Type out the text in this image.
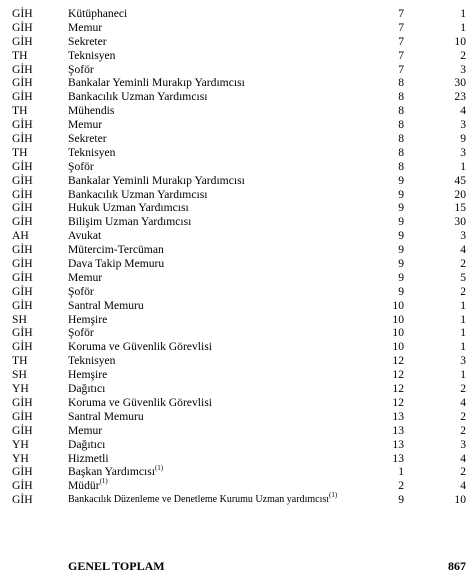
GİH	Kütüphaneci	7	1
GİH	Memur	7	1
GİH	Sekreter	7	10
TH	Teknisyen	7	2
GİH	Şoför	7	3
GİH	Bankalar Yeminli Murakıp Yardımcısı	8	30
GİH	Bankacılık Uzman Yardımcısı	8	23
TH	Mühendis	8	4
GİH	Memur	8	3
GİH	Sekreter	8	9
TH	Teknisyen	8	3
GİH	Şoför	8	1
GİH	Bankalar Yeminli Murakıp Yardımcısı	9	45
GİH	Bankacılık Uzman Yardımcısı	9	20
GİH	Hukuk Uzman Yardımcısı	9	15
GİH	Bilişim Uzman Yardımcısı	9	30
AH	Avukat	9	3
GİH	Mütercim-Tercüman	9	4
GİH	Dava Takip Memuru	9	2
GİH	Memur	9	5
GİH	Şoför	9	2
GİH	Santral Memuru	10	1
SH	Hemşire	10	1
GİH	Şoför	10	1
GİH	Koruma ve Güvenlik Görevlisi	10	1
TH	Teknisyen	12	3
SH	Hemşire	12	1
YH	Dağıtıcı	12	2
GİH	Koruma ve Güvenlik Görevlisi	12	4
GİH	Santral Memuru	13	2
GİH	Memur	13	2
YH	Dağıtıcı	13	3
YH	Hizmetli	13	4
GİH	Başkan Yardımcısı$^{(1)}$	1	2
GİH	Müdür$^{(1)}$	2	4
GİH	Bankacılık Düzenleme ve Denetleme Kurumu Uzman yardımcısı$^{(1)}$	9	10
GENEL TOPLAM	867
